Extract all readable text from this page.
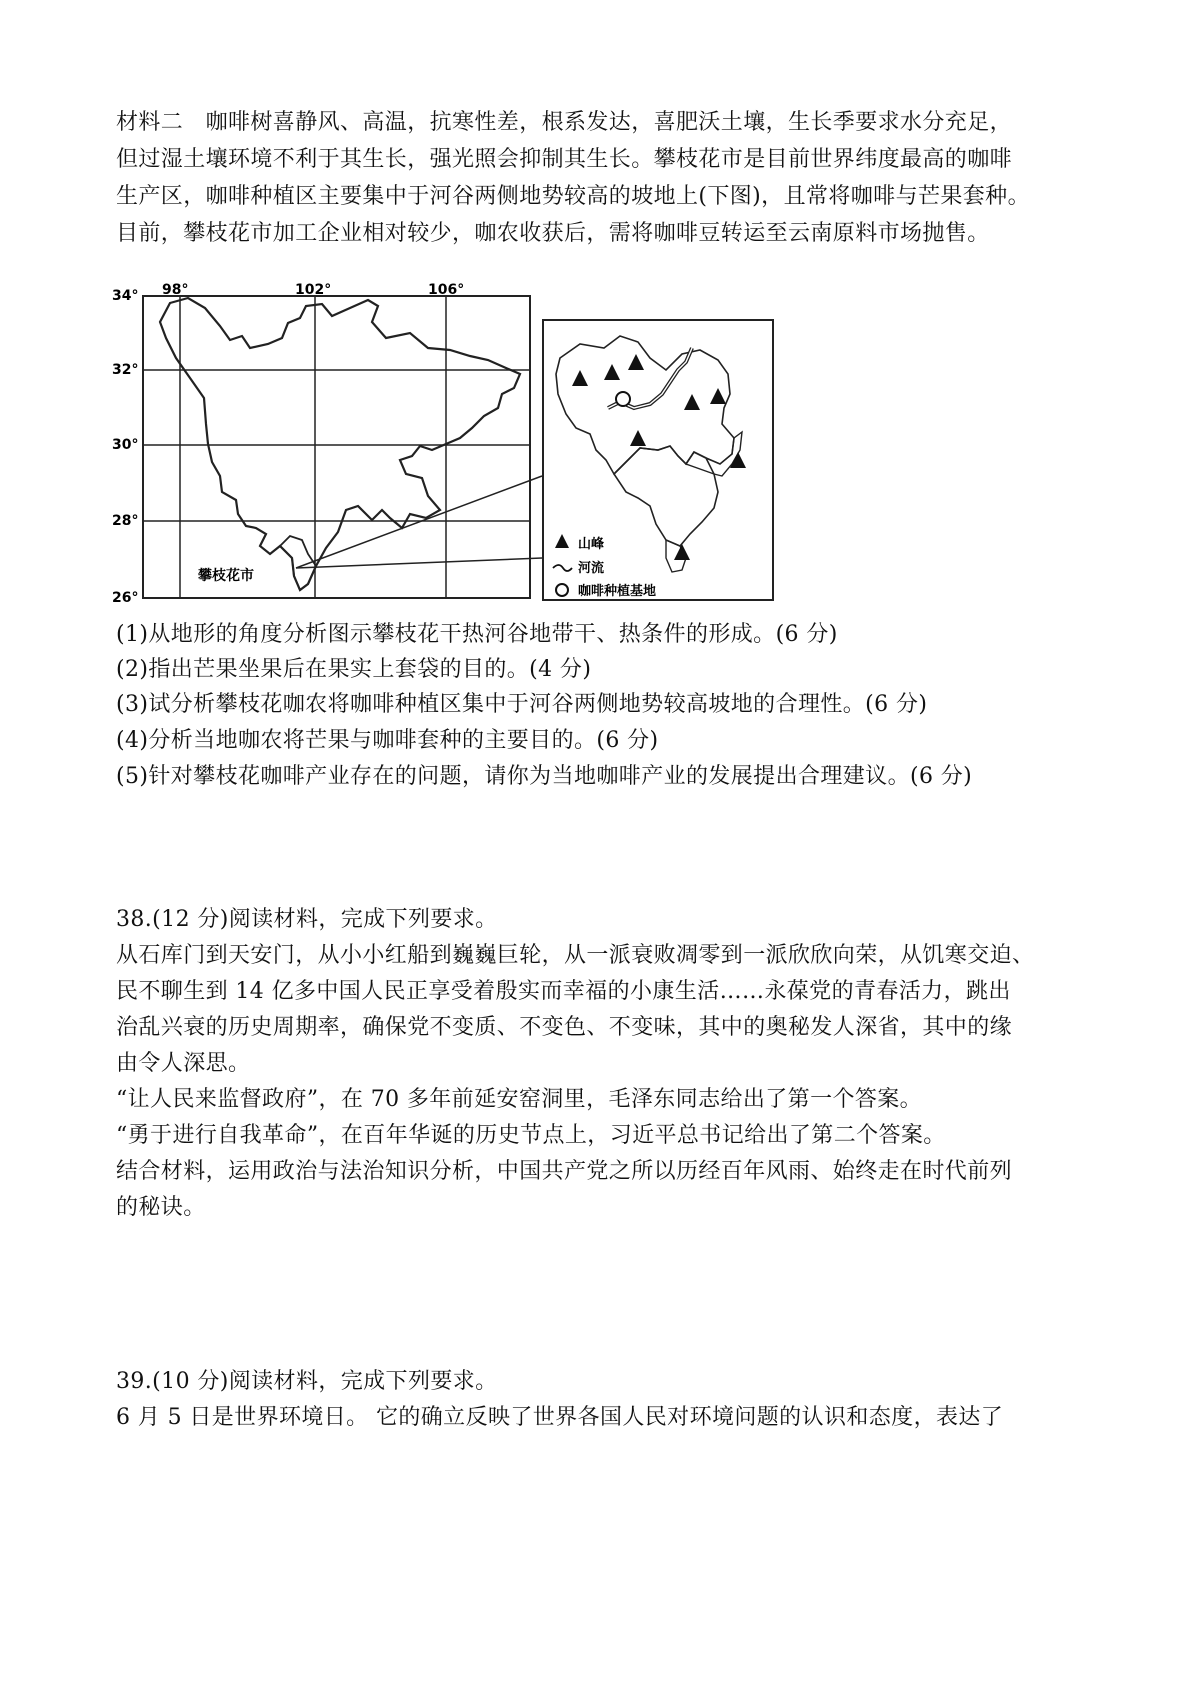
材料二　咖啡树喜静风、高温，抗寒性差，根系发达，喜肥沃土壤，生长季要求水分充足，
但过湿土壤环境不利于其生长，强光照会抑制其生长。攀枝花市是目前世界纬度最高的咖啡
生产区，咖啡种植区主要集中于河谷两侧地势较高的坡地上(下图)，且常将咖啡与芒果套种。
目前，攀枝花市加工企业相对较少，咖农收获后，需将咖啡豆转运至云南原料市场抛售。
98°	102°	106°
34°
32°
30°
28°
26°
攀枝花市
山峰
河流
咖啡种植基地
(1)从地形的角度分析图示攀枝花干热河谷地带干、热条件的形成。(6 分)
(2)指出芒果坐果后在果实上套袋的目的。(4 分)
(3)试分析攀枝花咖农将咖啡种植区集中于河谷两侧地势较高坡地的合理性。(6 分)
(4)分析当地咖农将芒果与咖啡套种的主要目的。(6 分)
(5)针对攀枝花咖啡产业存在的问题，请你为当地咖啡产业的发展提出合理建议。(6 分)
38.(12 分)阅读材料，完成下列要求。
从石库门到天安门，从小小红船到巍巍巨轮，从一派衰败凋零到一派欣欣向荣，从饥寒交迫、
民不聊生到 14 亿多中国人民正享受着殷实而幸福的小康生活……永葆党的青春活力，跳出
治乱兴衰的历史周期率，确保党不变质、不变色、不变味，其中的奥秘发人深省，其中的缘
由令人深思。
“让人民来监督政府”，在 70 多年前延安窑洞里，毛泽东同志给出了第一个答案。
“勇于进行自我革命”，在百年华诞的历史节点上，习近平总书记给出了第二个答案。
结合材料，运用政治与法治知识分析，中国共产党之所以历经百年风雨、始终走在时代前列
的秘诀。
39.(10 分)阅读材料，完成下列要求。
6 月 5 日是世界环境日。 它的确立反映了世界各国人民对环境问题的认识和态度，表达了
